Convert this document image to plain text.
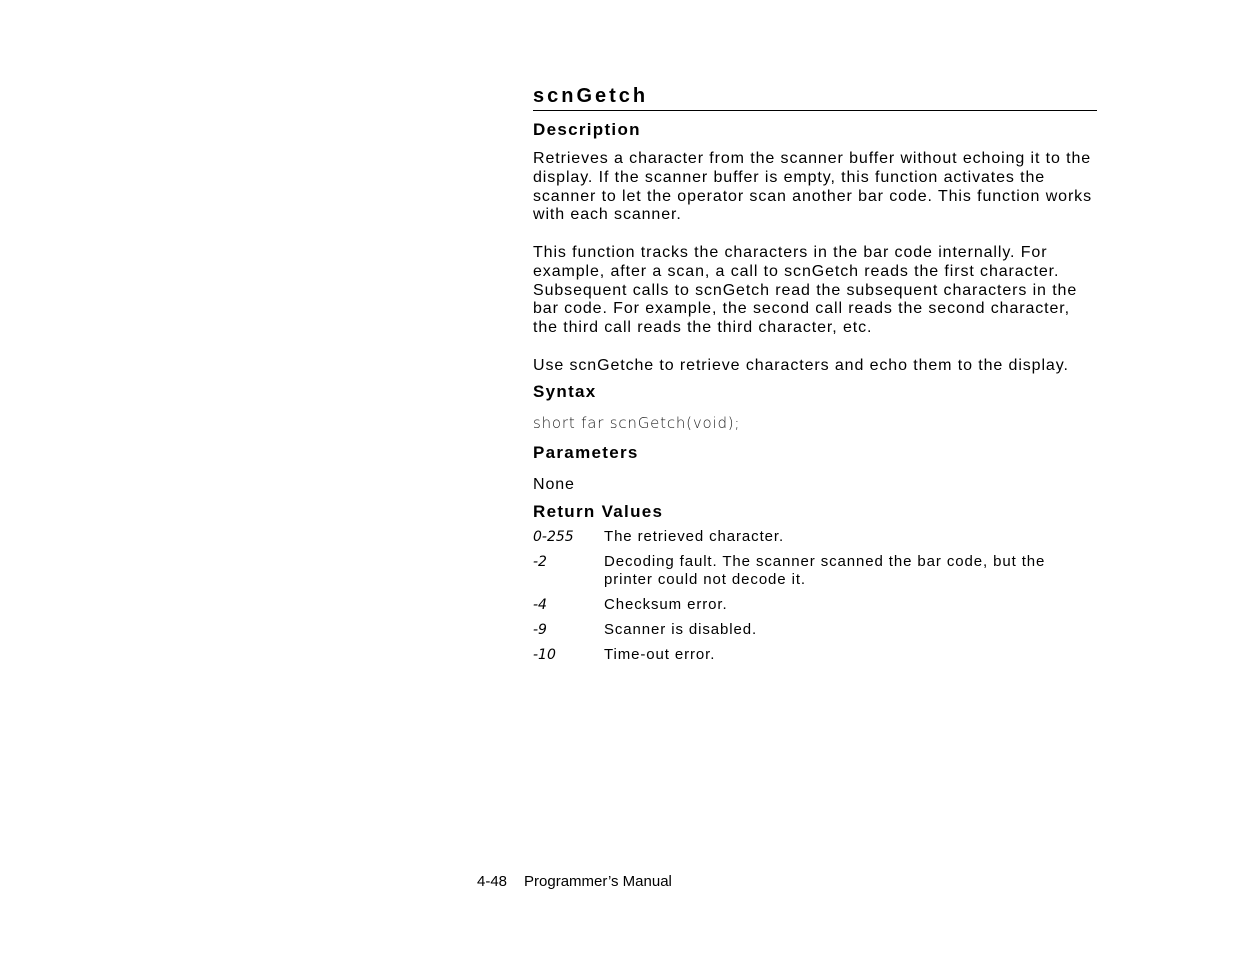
scnGetch
Description

Retrieves a character from the scanner buffer without echoing it to the display. If the scanner buffer is empty, this function activates the scanner to let the operator scan another bar code. This function works with each scanner.

This function tracks the characters in the bar code internally. For example, after a scan, a call to scnGetch reads the first character. Subsequent calls to scnGetch read the subsequent characters in the bar code. For example, the second call reads the second character, the third call reads the third character, etc.

Use scnGetche to retrieve characters and echo them to the display.

Syntax
short far scnGetch(void);
Parameters
None
Return Values
0-255	The retrieved character.
-2	Decoding fault. The scanner scanned the bar code, but the printer could not decode it.
-4	Checksum error.
-9	Scanner is disabled.
-10	Time-out error.
4-48 Programmer’s Manual
